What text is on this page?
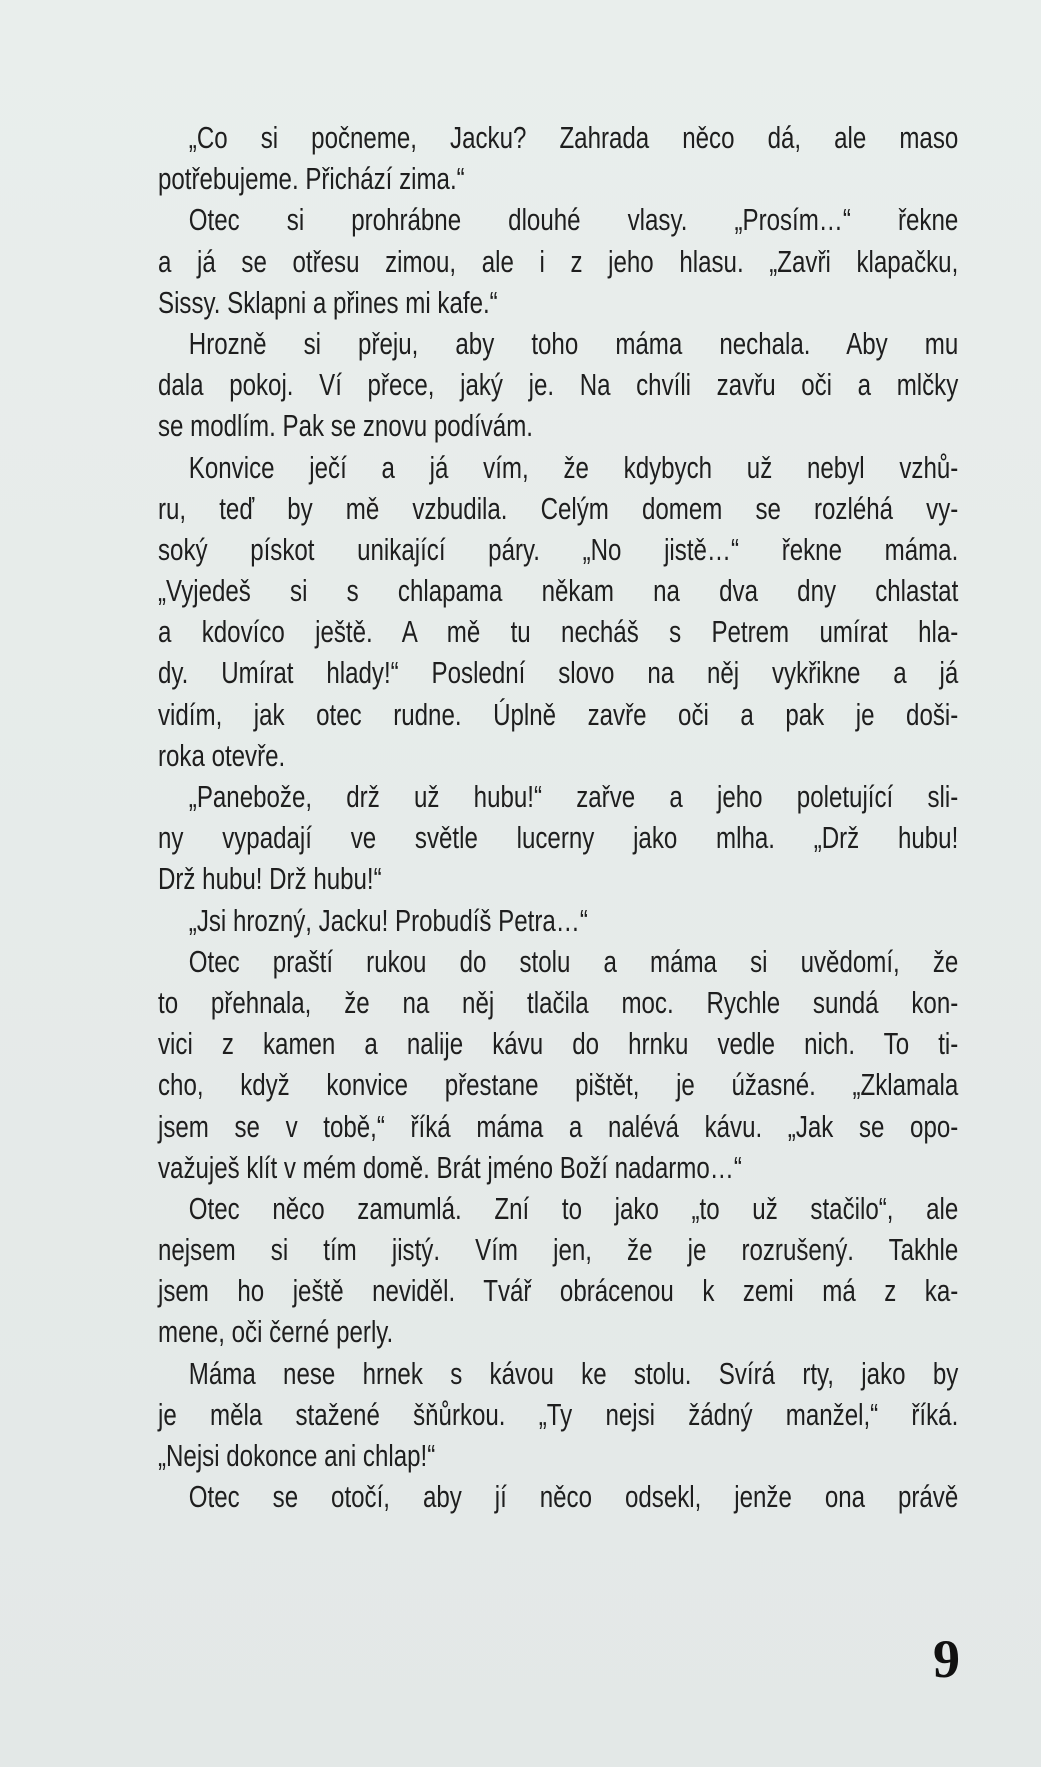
„Co si počneme, Jacku? Zahrada něco dá, ale maso
potřebujeme. Přichází zima.“
Otec si prohrábne dlouhé vlasy. „Prosím…“ řekne
a já se otřesu zimou, ale i z jeho hlasu. „Zavři klapačku,
Sissy. Sklapni a přines mi kafe.“
Hrozně si přeju, aby toho máma nechala. Aby mu
dala pokoj. Ví přece, jaký je. Na chvíli zavřu oči a mlčky
se modlím. Pak se znovu podívám.
Konvice ječí a já vím, že kdybych už nebyl vzhů-
ru, teď by mě vzbudila. Celým domem se rozléhá vy-
soký pískot unikající páry. „No jistě…“ řekne máma.
„Vyjedeš si s chlapama někam na dva dny chlastat
a kdovíco ještě. A mě tu necháš s Petrem umírat hla-
dy. Umírat hlady!“ Poslední slovo na něj vykřikne a já
vidím, jak otec rudne. Úplně zavře oči a pak je doši-
roka otevře.
„Panebože, drž už hubu!“ zařve a jeho poletující sli-
ny vypadají ve světle lucerny jako mlha. „Drž hubu!
Drž hubu! Drž hubu!“
„Jsi hrozný, Jacku! Probudíš Petra…“
Otec praští rukou do stolu a máma si uvědomí, že
to přehnala, že na něj tlačila moc. Rychle sundá kon-
vici z kamen a nalije kávu do hrnku vedle nich. To ti-
cho, když konvice přestane pištět, je úžasné. „Zklamala
jsem se v tobě,“ říká máma a nalévá kávu. „Jak se opo-
važuješ klít v mém domě. Brát jméno Boží nadarmo…“
Otec něco zamumlá. Zní to jako „to už stačilo“, ale
nejsem si tím jistý. Vím jen, že je rozrušený. Takhle
jsem ho ještě neviděl. Tvář obrácenou k zemi má z ka-
mene, oči černé perly.
Máma nese hrnek s kávou ke stolu. Svírá rty, jako by
je měla stažené šňůrkou. „Ty nejsi žádný manžel,“ říká.
„Nejsi dokonce ani chlap!“
Otec se otočí, aby jí něco odsekl, jenže ona právě
9
